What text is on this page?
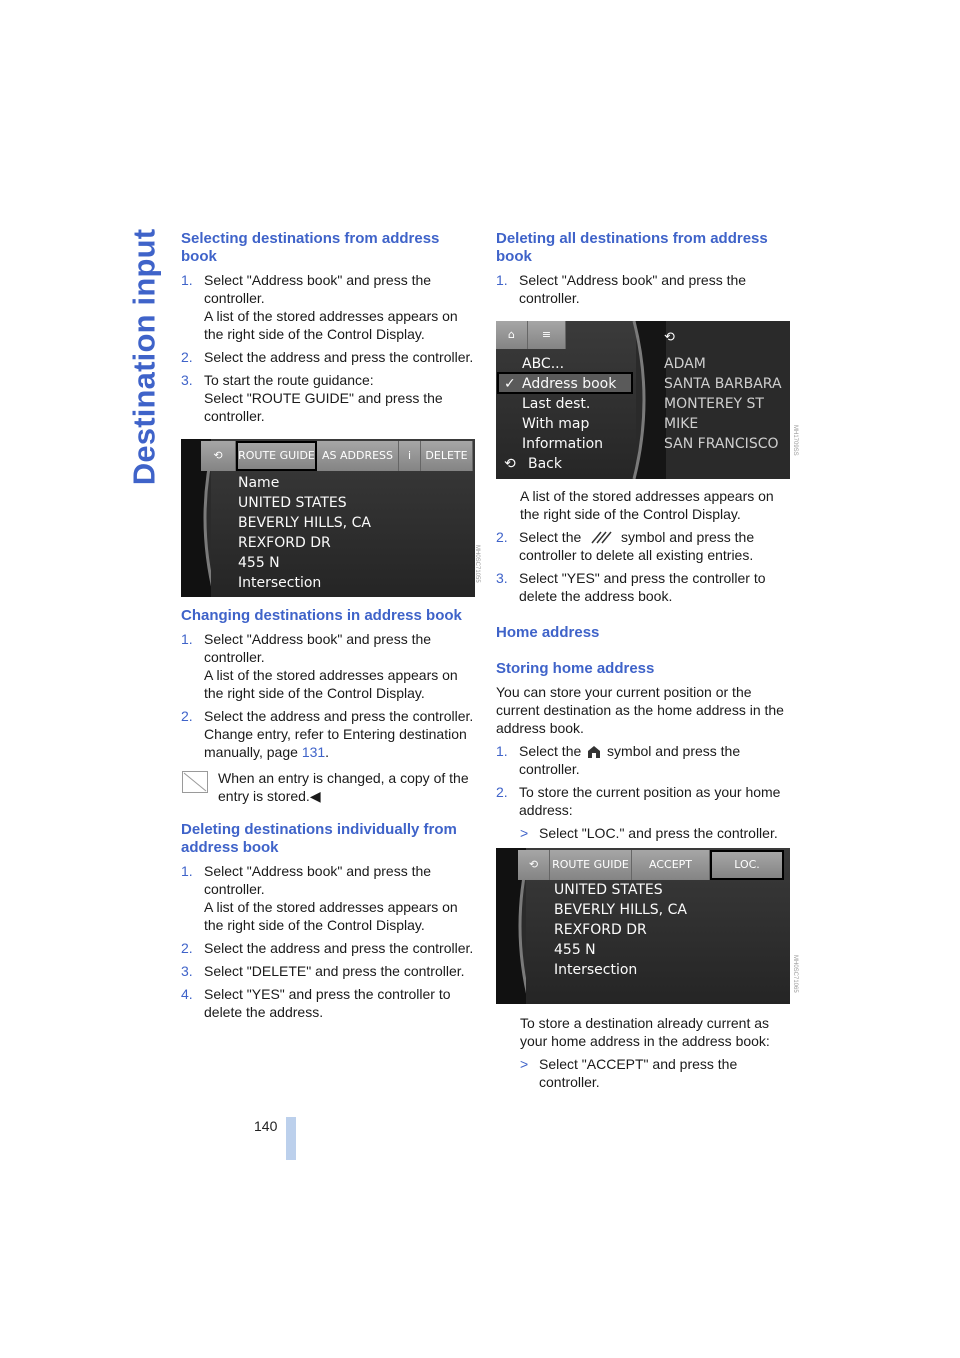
Destination input Selecting destinations from address book
1. Select "Address book" and press the controller.
A list of the stored addresses appears on the right side of the Control Display.
2. Select the address and press the controller.
3. To start the route guidance:
Select "ROUTE GUIDE" and press the controller.
⟲	ROUTE GUIDE AS ADDRESS	i	DELETE
Name
UNITED STATES
BEVERLY HILLS, CA
REXFORD DR
455 N
Intersection
Changing destinations in address book
1. Select "Address book" and press the controller.
A list of the stored addresses appears on the right side of the Control Display.
2. Select the address and press the controller.
Change entry, refer to Entering destination manually, page 131.
When an entry is changed, a copy of the entry is stored.◀
Deleting destinations individually from address book
1. Select "Address book" and press the controller.
A list of the stored addresses appears on the right side of the Control Display.
2. Select the address and press the controller.
3. Select "DELETE" and press the controller.
4. Select "YES" and press the controller to delete the address.
Deleting all destinations from address book
1. Select "Address book" and press the controller.
⌂	≡
ABC...
✓ Address book
Last dest.
With map
Information
⟲ Back
⟲
ADAM
SANTA BARBARA
MONTEREY ST
MIKE
SAN FRANCISCO
A list of the stored addresses appears on the right side of the Control Display.
2. Select the  symbol and press the controller to delete all existing entries.
3. Select "YES" and press the controller to delete the address book.
Home address
Storing home address
You can store your current position or the current destination as the home address in the address book.
1. Select the  symbol and press the controller.
2. To store the current position as your home address:
> Select "LOC." and press the controller.
⟲	ROUTE GUIDE	ACCEPT	LOC.
UNITED STATES
BEVERLY HILLS, CA
REXFORD DR
455 N
Intersection
To store a destination already current as your home address in the address book:
> Select "ACCEPT" and press the controller.
MH0SC71055
MH1709SS
MH0SC71065
140
